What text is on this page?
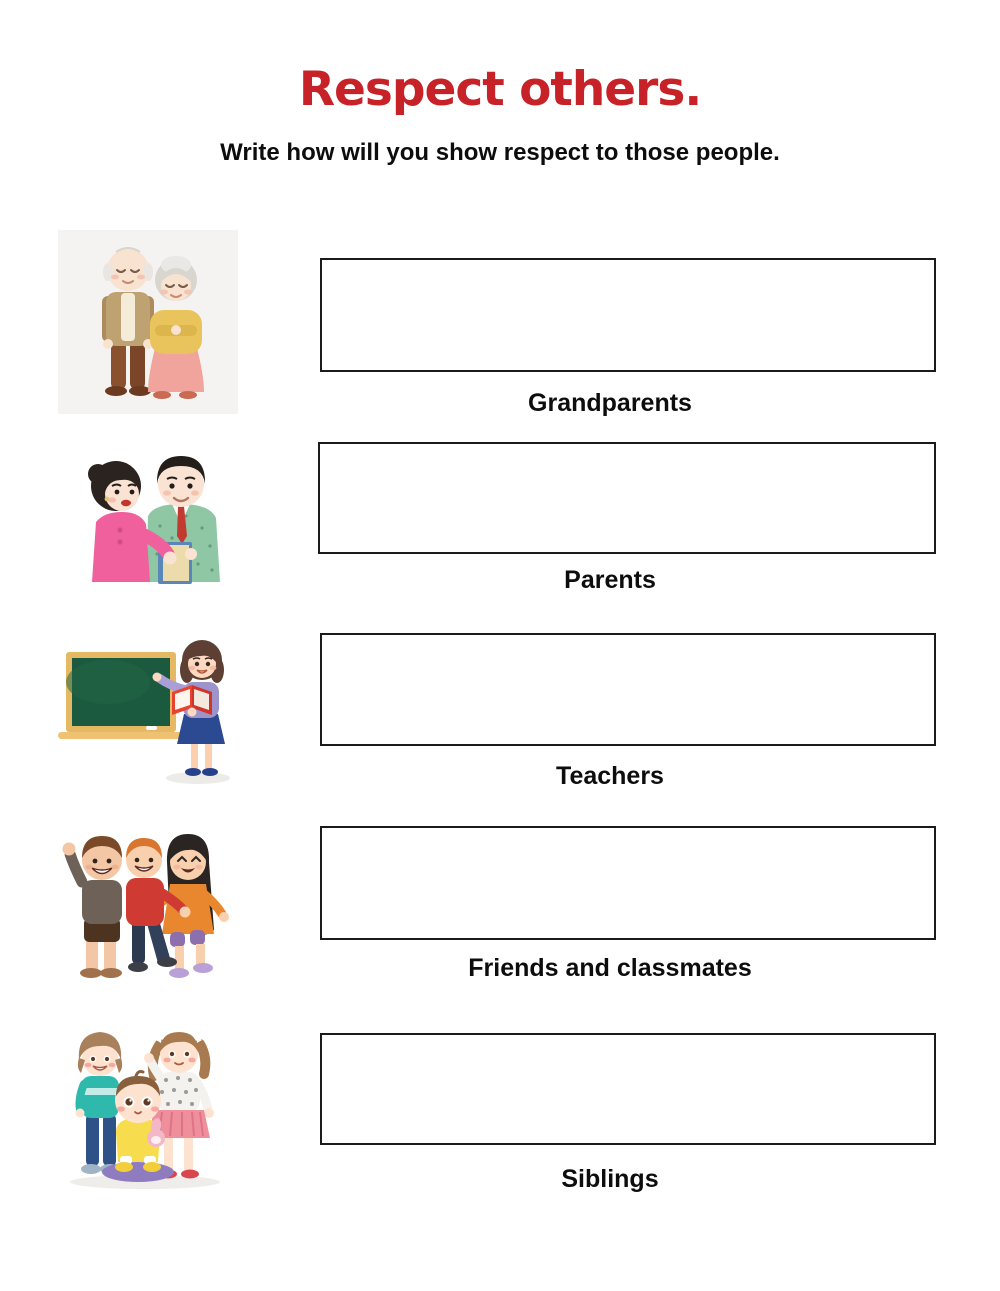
Respect others.
Write how will you show respect to those people.
Grandparents
Parents
Teachers
Friends and classmates
Siblings
